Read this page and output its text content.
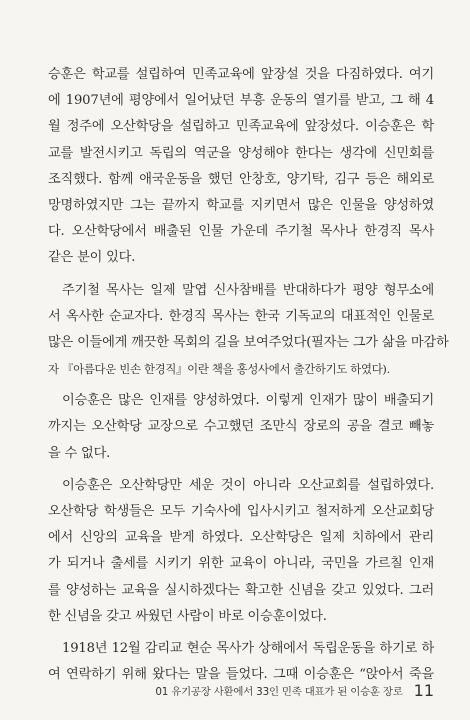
승훈은 학교를 설립하여 민족교육에 앞장설 것을 다짐하였다. 여기
에 1907년에 평양에서 일어났던 부흥 운동의 열기를 받고, 그 해 4
월 정주에 오산학당을 설립하고 민족교육에 앞장섰다. 이승훈은 학
교를 발전시키고 독립의 역군을 양성해야 한다는 생각에 신민회를
조직했다. 함께 애국운동을 했던 안창호, 양기탁, 김구 등은 해외로
망명하였지만 그는 끝까지 학교를 지키면서 많은 인물을 양성하였
다. 오산학당에서 배출된 인물 가운데 주기철 목사나 한경직 목사
같은 분이 있다.
주기철 목사는 일제 말엽 신사참배를 반대하다가 평양 형무소에
서 옥사한 순교자다. 한경직 목사는 한국 기독교의 대표적인 인물로
많은 이들에게 깨끗한 목회의 길을 보여주었다(필자는 그가 삶을 마감하
자 『아름다운 빈손 한경직』이란 책을 홍성사에서 출간하기도 하였다).
이승훈은 많은 인재를 양성하였다. 이렇게 인재가 많이 배출되기
까지는 오산학당 교장으로 수고했던 조만식 장로의 공을 결코 빼놓
을 수 없다.
이승훈은 오산학당만 세운 것이 아니라 오산교회를 설립하였다.
오산학당 학생들은 모두 기숙사에 입사시키고 철저하게 오산교회당
에서 신앙의 교육을 받게 하였다. 오산학당은 일제 치하에서 관리
가 되거나 출세를 시키기 위한 교육이 아니라, 국민을 가르칠 인재
를 양성하는 교육을 실시하겠다는 확고한 신념을 갖고 있었다. 그러
한 신념을 갖고 싸웠던 사람이 바로 이승훈이었다.
1918년 12월 감리교 현순 목사가 상해에서 독립운동을 하기로 하
여 연락하기 위해 왔다는 말을 들었다. 그때 이승훈은 “앉아서 죽을
01 유기공장 사환에서 33인 민족 대표가 된 이승훈 장로 11
